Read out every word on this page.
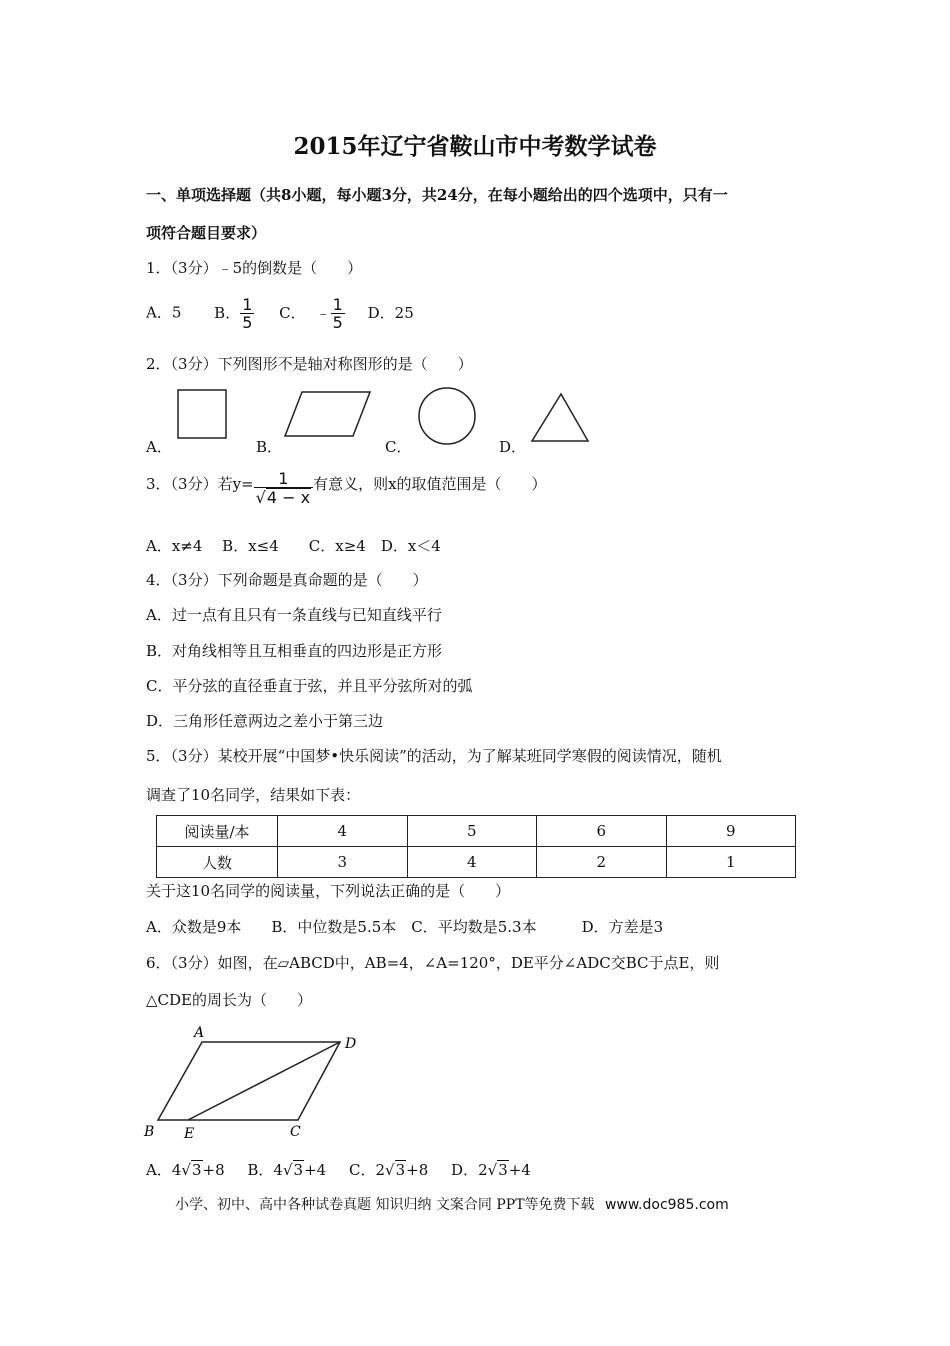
2015年辽宁省鞍山市中考数学试卷
一、单项选择题（共8小题，每小题3分，共24分，在每小题给出的四个选项中，只有一
项符合题目要求）
1．（3分）﹣5的倒数是（　　）
A．5 B． $\frac{1}{5}$ C． ﹣ $\frac{1}{5}$ D．25
2．（3分）下列图形不是轴对称图形的是（　　）
A．	B．	C．	D．
3．（3分）若$y= \frac{1}{√4 - x}$ 有意义，则x的取值范围是（　　）
A．x≠4　 B．x≤4　　C．x≥4　D．x＜4
4．（3分）下列命题是真命题的是（　　）
A．过一点有且只有一条直线与已知直线平行
B．对角线相等且互相垂直的四边形是正方形
C．平分弦的直径垂直于弦，并且平分弦所对的弧
D．三角形任意两边之差小于第三边
5．（3分）某校开展“中国梦•快乐阅读”的活动，为了解某班同学寒假的阅读情况，随机
调查了10名同学，结果如下表：
阅读量/本	4	5	6	9
人数	3	4	2	1
关于这10名同学的阅读量，下列说法正确的是（　　）
A．众数是9本　　B．中位数是5.5本　C．平均数是5.3本　　　D．方差是3
6．（3分）如图，在▱ABCD中，AB=4，∠A=120°，DE平分∠ADC交BC于点E，则
△CDE的周长为（　　）
A
D
B E	C
A．4√3+8 B．4√3+4 C．2√3+8 D．2√3+4
小学、初中、高中各种试卷真题 知识归纳 文案合同 PPT等免费下载 www.doc985.com
